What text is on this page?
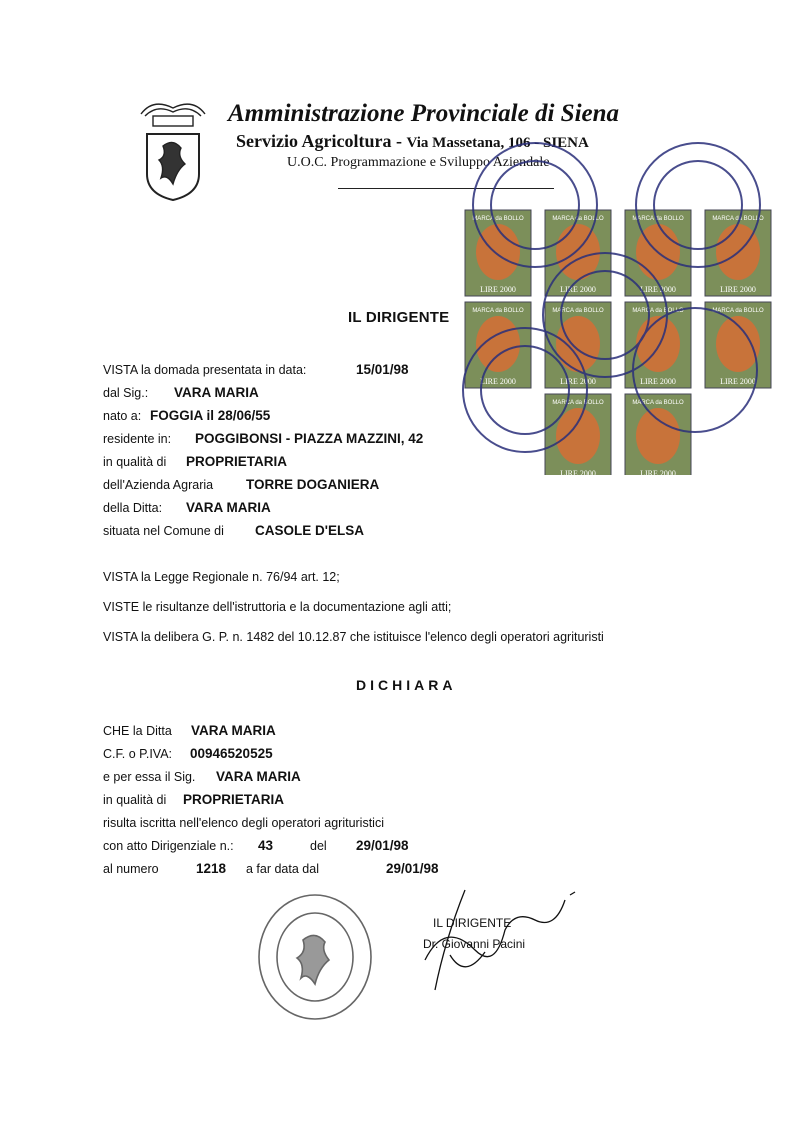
Amministrazione Provinciale di Siena
Servizio Agricoltura - Via Massetana, 106 - SIENA
U.O.C. Programmazione e Sviluppo Aziendale
MARCA da BOLLO
LIRE 2000
MARCA da BOLLO
LIRE 2000
MARCA da BOLLO
LIRE 2000
MARCA da BOLLO
LIRE 2000
MARCA da BOLLO
LIRE 2000
MARCA da BOLLO
LIRE 2000
MARCA da BOLLO
LIRE 2000
MARCA da BOLLO
LIRE 2000
MARCA da BOLLO
LIRE 2000
MARCA da BOLLO
LIRE 2000
IL DIRIGENTE
VISTA la domada presentata in data:	15/01/98
dal Sig.: VARA MARIA
nato a: FOGGIA il 28/06/55
residente in: POGGIBONSI - PIAZZA MAZZINI, 42
in qualità di PROPRIETARIA
dell'Azienda Agraria TORRE DOGANIERA
della Ditta: VARA MARIA
situata nel Comune di CASOLE D'ELSA
VISTA la Legge Regionale n. 76/94 art. 12;
VISTE le risultanze dell'istruttoria e la documentazione agli atti;
VISTA la delibera G. P. n. 1482 del 10.12.87 che istituisce l'elenco degli operatori agrituristi
DICHIARA
CHE la Ditta VARA MARIA
C.F. o P.IVA: 00946520525
e per essa il Sig. VARA MARIA
in qualità di PROPRIETARIA
risulta iscritta nell'elenco degli operatori agrituristici
con atto Dirigenziale n.: 43	del 29/01/98
al numero	1218 a far data dal	29/01/98
IL DIRIGENTE
Dr. Giovanni Pacini
